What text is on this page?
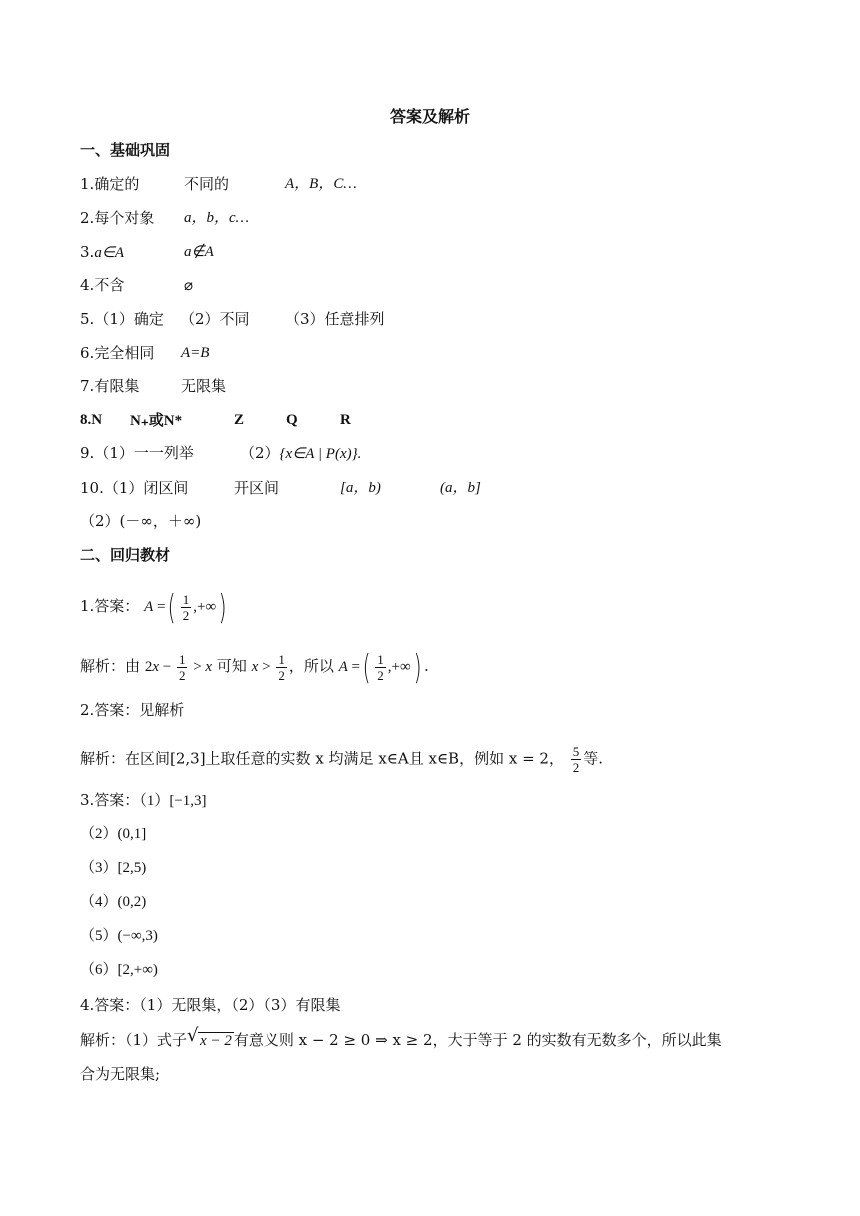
答案及解析
一、基础巩固
1.确定的	不同的	A，B，C…
2.每个对象 a，b，c…
3.a∈A	a∉A
4.不含	⌀
5.（1）确定 （2）不同 （3）任意排列
6.完全相同 A=B
7.有限集	无限集
8.N N₊或N*	Z	Q	R
9.（1）一一列举	（2）{x∈A | P(x)}.
10.（1）闭区间	开区间	[a，b)	(a，b]
（2）(－∞，＋∞)
二、回归教材
1.答案： A =( $\frac{1}{2}$ ,+∞)
解析：由 $2x - \frac{1}{2} > x$ 可知 $x > \frac{1}{2}$ ，所以 A =( $\frac{1}{2}$ ,+∞) .
2.答案：见解析
解析：在区间[2,3]上取任意的实数 x 均满足 x∈A且 x∈B，例如 x = 2， $\frac{5}{2}$ 等.
3.答案：（1）[−1,3]
（2）(0,1]
（3）[2,5)
（4）(0,2)
（5）(−∞,3)
（6）[2,+∞)
4.答案：（1）无限集，（2）（3）有限集
解析：（1）式子 √ x − 2 有意义则 x − 2 ≥ 0 ⇒ x ≥ 2，大于等于 2 的实数有无数多个，所以此集
合为无限集;
